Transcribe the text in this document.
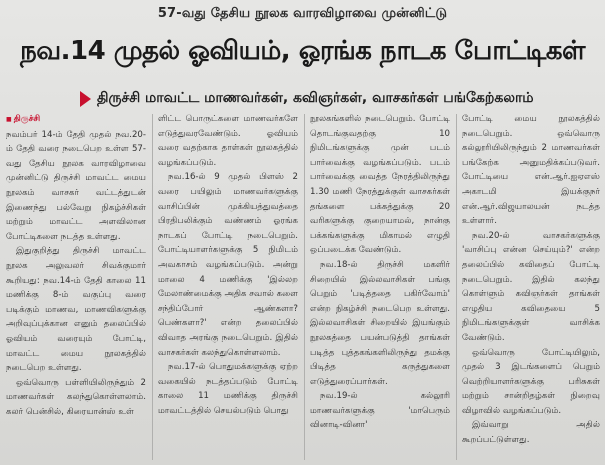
57-வது தேசிய நூலக வாரவிழாவை முன்னிட்டு
நவ.14 முதல் ஓவியம், ஓரங்க நாடக போட்டிகள்
திருச்சி மாவட்ட மாணவர்கள், கவிஞர்கள், வாசகர்கள் பங்கேற்கலாம்

■ திருச்சி

நவம்பர் 14-ம் தேதி முதல் நவ.20-ம் தேதி வரை நடைபெற உள்ள 57-வது தேசிய நூலக வாரவிழாவை முன்னிட்டு திருச்சி மாவட்ட மைய நூலகம் வாசகர் வட்டத்துடன் இணைந்து பல்வேறு நிகழ்ச்சிகள் மற்றும் மாவட்ட அளவிலான போட்டிகளை நடத்த உள்ளது.

இதுகுறித்து திருச்சி மாவட்ட நூலக அலுவலர் சிவக்குமார் கூறியது: நவ.14-ம் தேதி காலை 11 மணிக்கு 8-ம் வகுப்பு வரை படிக்கும் மாணவ, மாணவிகளுக்கு அறிவுப்புக்கான எனும் தலைப்பில் ஓவியம் வரையும் போட்டி, மாவட்ட மைய நூலகத்தில் நடைபெற உள்ளது.

ஒவ்வொரு பள்ளியிலிருந்தும் 2 மாணவர்கள் கலந்துகொள்ளலாம். கலர் பென்சில், கிரையான்ஸ் உள்

ளிட்ட பொருட்களை மாணவர்களே எடுத்துவரவேண்டும். ஓவியம் வரை வதற்காக தாள்கள் நூலகத்தில் வழங்கப்படும்.

நவ.16-ல் 9 முதல் பிளஸ் 2 வரை பயிலும் மாணவர்களுக்கு வாசிப்பின் முக்கியத்துவத்தை பிரதிபலிக்கும் வண்ணம் ஓரங்க நாடகப் போட்டி நடைபெறும். போட்டியாளர்களுக்கு 5 நிமிடம் அவகாசம் வழங்கப்படும். அன்று மாலை 4 மணிக்கு 'இல்லற மேலாண்மைக்கு அதிக சவால் களை சந்திப்போர் ஆண்களா? பெண்களா?' என்ற தலைப்பில் விவாத அரங்கு நடைபெறும். இதில் வாசகர்கள் கலந்துகொள்ளலாம்.

நவ.17-ல் பொதுமக்களுக்கு ஏற்ற வகையில் நடத்தப்படும் போட்டி காலை 11 மணிக்கு திருச்சி மாவட்டத்தில் செயல்படும் பொது

நூலகங்களில் நடைபெறும். போட்டி தொடங்குவதற்கு 10 நிமிடங்களுக்கு முன் படம் பார்வைக்கு வழங்கப்படும். படம் பார்வைக்கு வைத்த நேரத்திலிருந்து 1.30 மணி நேரத்துக்குள் வாசகர்கள் தங்களை பக்கத்துக்கு 20 வரிகளுக்கு குறையாமல், நான்கு பக்கங்களுக்கு மிகாமல் எழுதி ஒப்படைக்க வேண்டும்.

நவ.18-ல் திருச்சி மகளிர் சிறையில் இல்லவாசிகள் பங்கு பெறும் 'படித்ததை பகிர்வோம்' என்ற நிகழ்ச்சி நடைபெற உள்ளது. இல்லவாசிகள் சிறையில் இயங்கும் நூலகத்தை பயன்படுத்தி தாங்கள் படித்த புத்தகங்களிலிருந்து தமக்கு பிடித்த கருத்துகளை எடுத்துரைப்பார்கள்.

நவ.19-ல் கல்லூரி மாணவர்களுக்கு 'மாபெரும் வினாடி-வினா'

போட்டி மைய நூலகத்தில் நடைபெறும். ஒவ்வொரு கல்லூரியிலிருந்தும் 2 மாணவர்கள் பங்கேற்க அனுமதிக்கப்படுவர். போட்டியை என்.ஆர்.ஐஏஎஸ் அகாடமி இயக்குநர் என்.ஆர்.விஜயாலயன் நடத்த உள்ளார்.

நவ.20-ல் வாசகர்களுக்கு 'வாசிப்பு என்ன செய்யும்?' என்ற தலைப்பில் கவிதைப் போட்டி நடைபெறும். இதில் கலந்து கொள்ளும் கவிஞர்கள் தாங்கள் எழுதிய கவிதையை 5 நிமிடங்களுக்குள் வாசிக்க வேண்டும்.

ஒவ்வொரு போட்டியிலும், முதல் 3 இடங்களைப் பெறும் வெற்றியாளர்களுக்கு பரிசுகள் மற்றும் சான்றிதழ்கள் நிறைவு விழாவில் வழங்கப்படும்.

இவ்வாறு அதில் கூறப்பட்டுள்ளது.
